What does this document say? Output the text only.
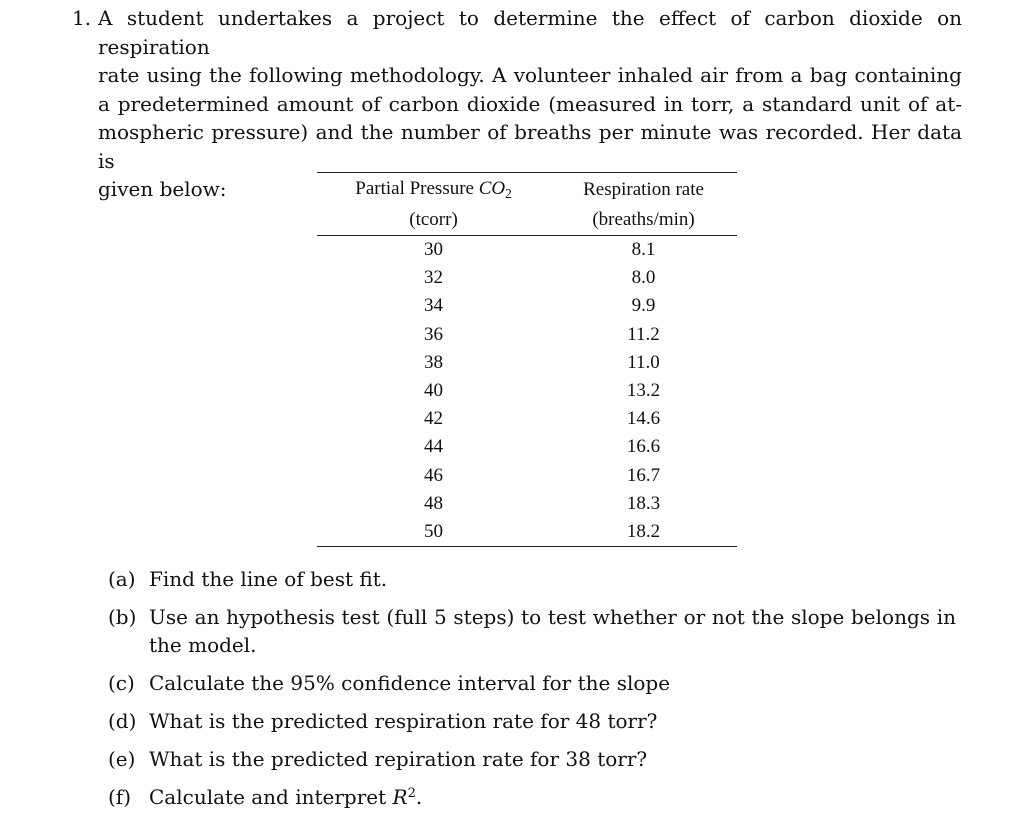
1. A student undertakes a project to determine the effect of carbon dioxide on respiration
rate using the following methodology. A volunteer inhaled air from a bag containing
a predetermined amount of carbon dioxide (measured in torr, a standard unit of at-
mospheric pressure) and the number of breaths per minute was recorded. Her data is
given below:	Partial Pressure $CO_2$	Respiration rate
(tcorr)	(breaths/min)
30	8.1
32	8.0
34	9.9
36	11.2
38	11.0
40	13.2
42	14.6
44	16.6
46	16.7
48	18.3
50	18.2
(a) Find the line of best fit.
(b) Use an hypothesis test (full 5 steps) to test whether or not the slope belongs in
the model.
(c) Calculate the 95% confidence interval for the slope
(d) What is the predicted respiration rate for 48 torr?
(e) What is the predicted repiration rate for 38 torr?
(f) Calculate and interpret $R^2$.
